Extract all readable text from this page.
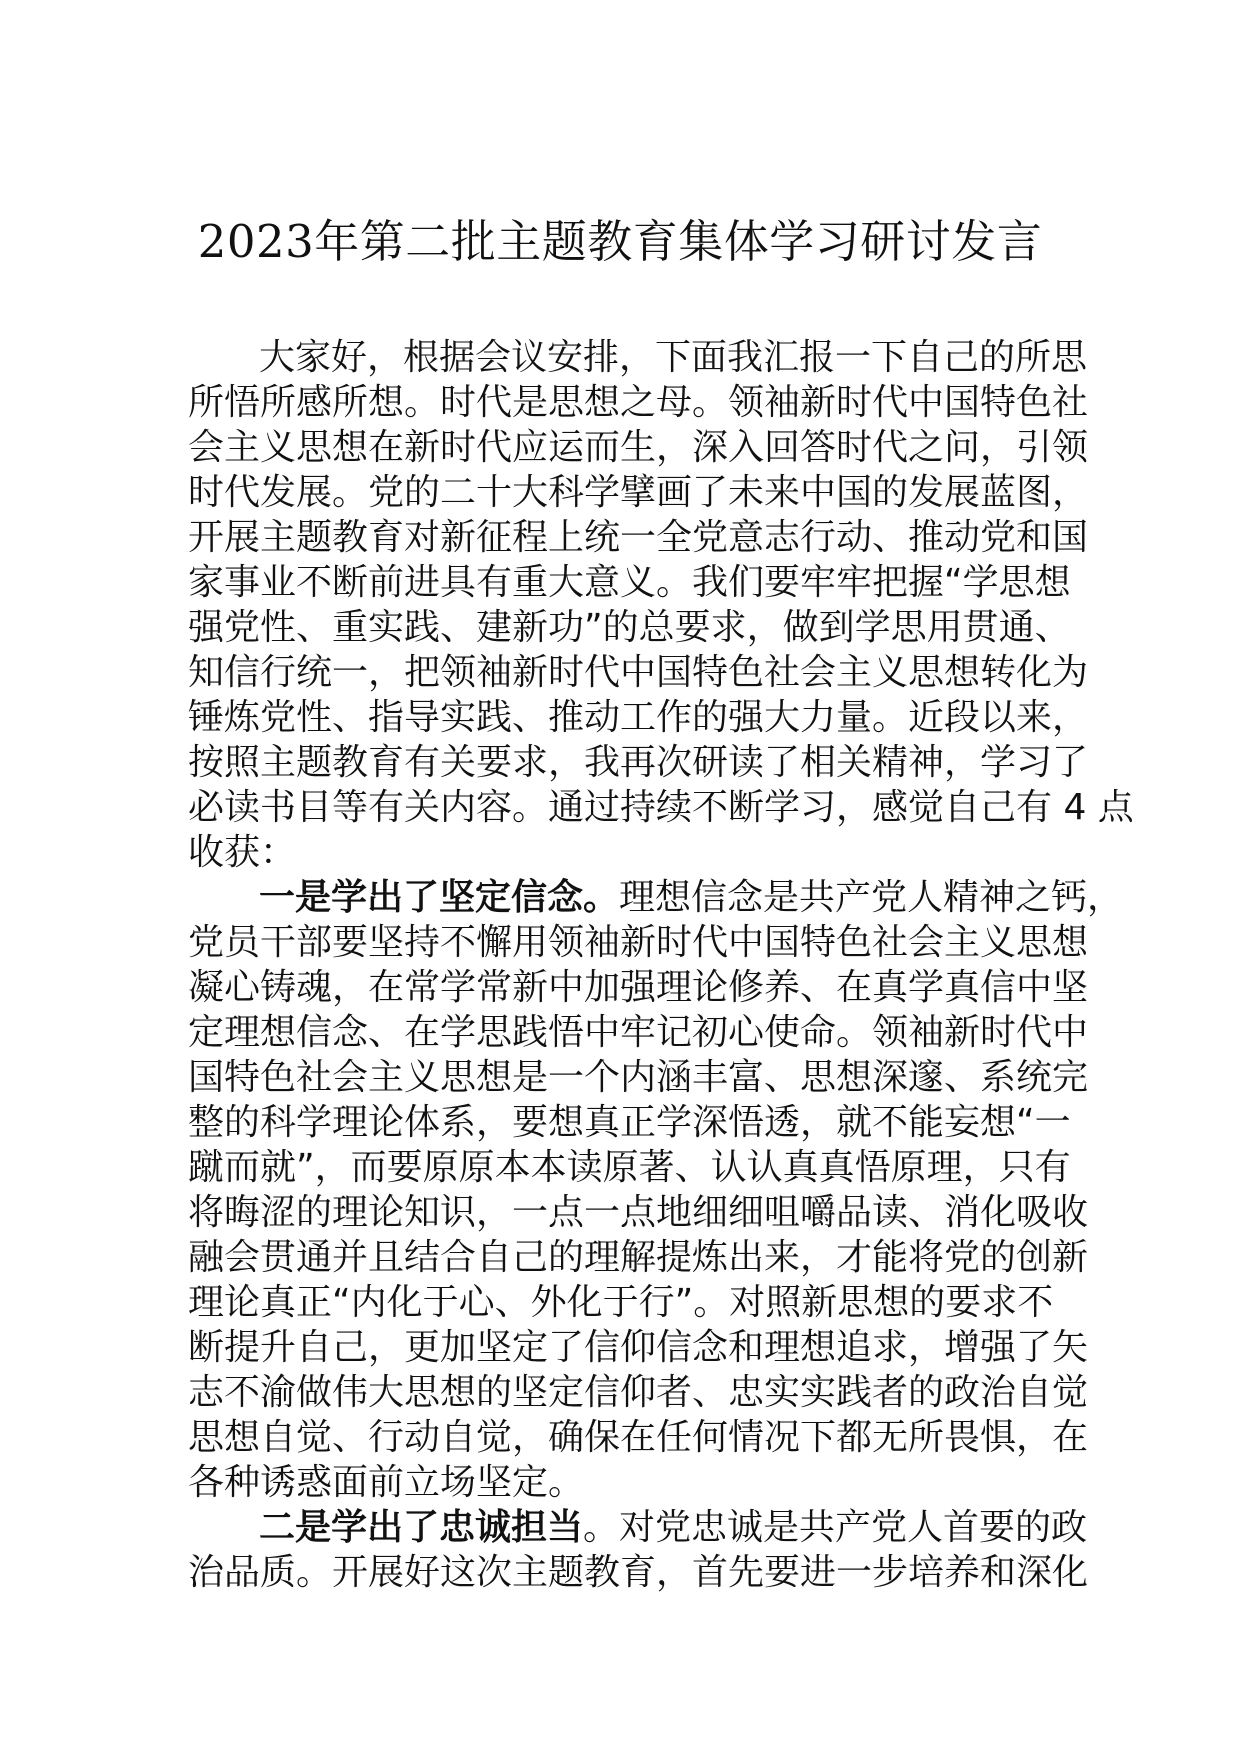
2023年第二批主题教育集体学习研讨发言
大家好，根据会议安排，下面我汇报一下自己的所思
所悟所感所想。时代是思想之母。领袖新时代中国特色社
会主义思想在新时代应运而生，深入回答时代之问，引领
时代发展。党的二十大科学擘画了未来中国的发展蓝图，
开展主题教育对新征程上统一全党意志行动、推动党和国
家事业不断前进具有重大意义。我们要牢牢把握“学思想
强党性、重实践、建新功”的总要求，做到学思用贯通、
知信行统一，把领袖新时代中国特色社会主义思想转化为
锤炼党性、指导实践、推动工作的强大力量。近段以来，
按照主题教育有关要求，我再次研读了相关精神，学习了
必读书目等有关内容。通过持续不断学习，感觉自己有 4 点
收获：
一是学出了坚定信念。理想信念是共产党人精神之钙，
党员干部要坚持不懈用领袖新时代中国特色社会主义思想
凝心铸魂，在常学常新中加强理论修养、在真学真信中坚
定理想信念、在学思践悟中牢记初心使命。领袖新时代中
国特色社会主义思想是一个内涵丰富、思想深邃、系统完
整的科学理论体系，要想真正学深悟透，就不能妄想“一
蹴而就”，而要原原本本读原著、认认真真悟原理，只有
将晦涩的理论知识，一点一点地细细咀嚼品读、消化吸收
融会贯通并且结合自己的理解提炼出来，才能将党的创新
理论真正“内化于心、外化于行”。对照新思想的要求不
断提升自己，更加坚定了信仰信念和理想追求，增强了矢
志不渝做伟大思想的坚定信仰者、忠实实践者的政治自觉
思想自觉、行动自觉，确保在任何情况下都无所畏惧，在
各种诱惑面前立场坚定。
二是学出了忠诚担当。对党忠诚是共产党人首要的政
治品质。开展好这次主题教育，首先要进一步培养和深化
